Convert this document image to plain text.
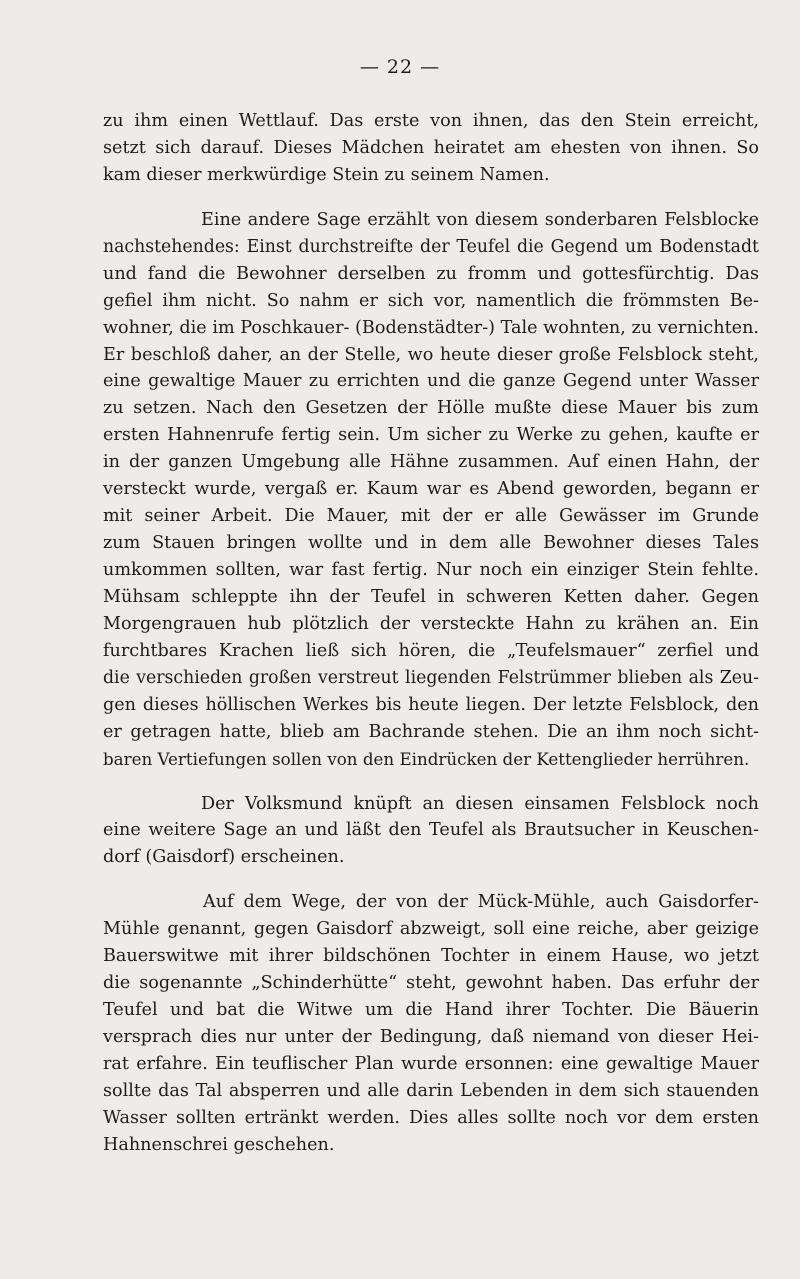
— 22 —
zu ihm einen Wettlauf. Das erste von ihnen, das den Stein erreicht,
setzt sich darauf. Dieses Mädchen heiratet am ehesten von ihnen. So
kam dieser merkwürdige Stein zu seinem Namen.
Eine andere Sage erzählt von diesem sonderbaren Felsblocke
nachstehendes: Einst durchstreifte der Teufel die Gegend um Bodenstadt
und fand die Bewohner derselben zu fromm und gottesfürchtig. Das
gefiel ihm nicht. So nahm er sich vor, namentlich die frömmsten Be-
wohner, die im Poschkauer- (Bodenstädter-) Tale wohnten, zu vernichten.
Er beschloß daher, an der Stelle, wo heute dieser große Felsblock steht,
eine gewaltige Mauer zu errichten und die ganze Gegend unter Wasser
zu setzen. Nach den Gesetzen der Hölle mußte diese Mauer bis zum
ersten Hahnenrufe fertig sein. Um sicher zu Werke zu gehen, kaufte er
in der ganzen Umgebung alle Hähne zusammen. Auf einen Hahn, der
versteckt wurde, vergaß er. Kaum war es Abend geworden, begann er
mit seiner Arbeit. Die Mauer, mit der er alle Gewässer im Grunde
zum Stauen bringen wollte und in dem alle Bewohner dieses Tales
umkommen sollten, war fast fertig. Nur noch ein einziger Stein fehlte.
Mühsam schleppte ihn der Teufel in schweren Ketten daher. Gegen
Morgengrauen hub plötzlich der versteckte Hahn zu krähen an. Ein
furchtbares Krachen ließ sich hören, die „Teufelsmauer“ zerfiel und
die verschieden großen verstreut liegenden Felstrümmer blieben als Zeu-
gen dieses höllischen Werkes bis heute liegen. Der letzte Felsblock, den
er getragen hatte, blieb am Bachrande stehen. Die an ihm noch sicht-
baren Vertiefungen sollen von den Eindrücken der Kettenglieder herrühren.
Der Volksmund knüpft an diesen einsamen Felsblock noch
eine weitere Sage an und läßt den Teufel als Brautsucher in Keuschen-
dorf (Gaisdorf) erscheinen.
Auf dem Wege, der von der Mück-Mühle, auch Gaisdorfer-
Mühle genannt, gegen Gaisdorf abzweigt, soll eine reiche, aber geizige
Bauerswitwe mit ihrer bildschönen Tochter in einem Hause, wo jetzt
die sogenannte „Schinderhütte“ steht, gewohnt haben. Das erfuhr der
Teufel und bat die Witwe um die Hand ihrer Tochter. Die Bäuerin
versprach dies nur unter der Bedingung, daß niemand von dieser Hei-
rat erfahre. Ein teuflischer Plan wurde ersonnen: eine gewaltige Mauer
sollte das Tal absperren und alle darin Lebenden in dem sich stauenden
Wasser sollten ertränkt werden. Dies alles sollte noch vor dem ersten
Hahnenschrei geschehen.
